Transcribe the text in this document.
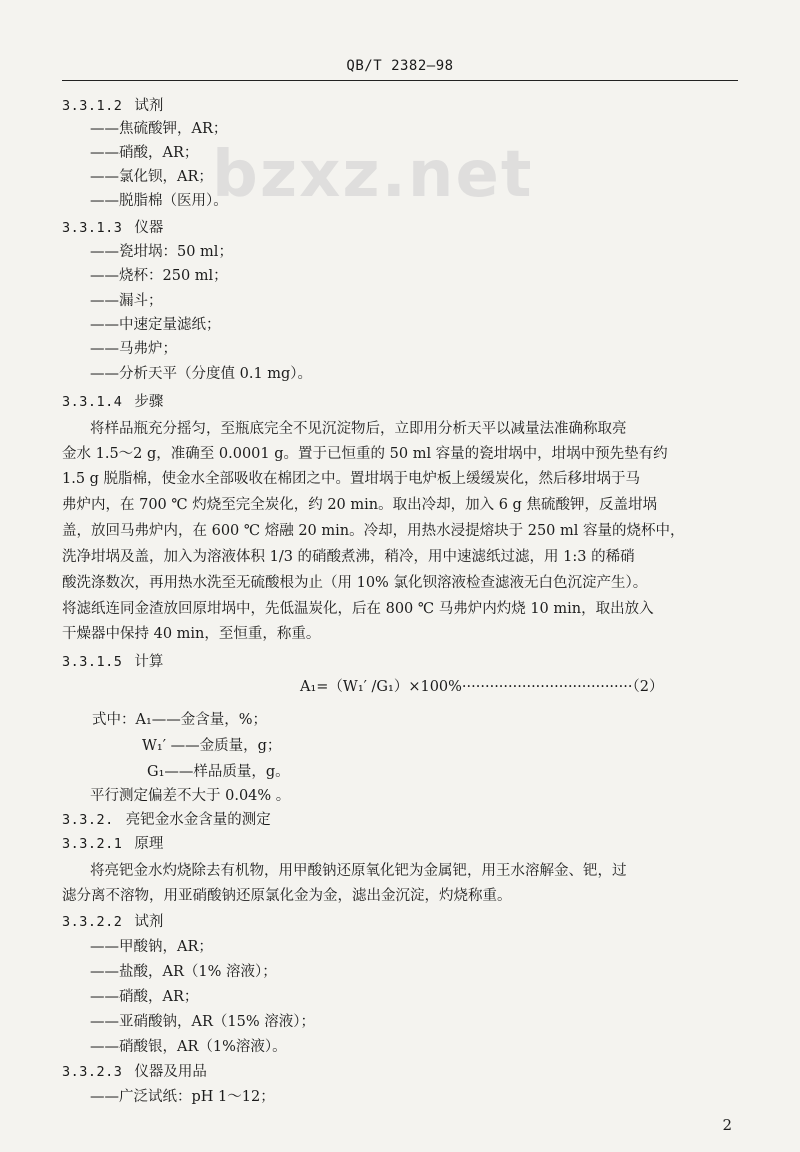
QB/T 2382—98
bzxz.net
3.3.1.2 试剂
——焦硫酸钾，AR；
——硝酸，AR；
——氯化钡，AR；
——脱脂棉（医用）。
3.3.1.3 仪器
——瓷坩埚：50 ml；
——烧杯：250 ml；
——漏斗；
——中速定量滤纸；
——马弗炉；
——分析天平（分度值 0.1 mg）。
3.3.1.4 步骤
将样品瓶充分摇匀，至瓶底完全不见沉淀物后，立即用分析天平以减量法准确称取亮
金水 1.5～2 g，准确至 0.0001 g。置于已恒重的 50 ml 容量的瓷坩埚中，坩埚中预先垫有约
1.5 g 脱脂棉，使金水全部吸收在棉团之中。置坩埚于电炉板上缓缓炭化，然后移坩埚于马
弗炉内，在 700 ℃ 灼烧至完全炭化，约 20 min。取出冷却，加入 6 g 焦硫酸钾，反盖坩埚
盖，放回马弗炉内，在 600 ℃ 熔融 20 min。冷却，用热水浸提熔块于 250 ml 容量的烧杯中，
洗净坩埚及盖，加入为溶液体积 1/3 的硝酸煮沸，稍冷，用中速滤纸过滤，用 1:3 的稀硝
酸洗涤数次，再用热水洗至无硫酸根为止（用 10% 氯化钡溶液检查滤液无白色沉淀产生）。
将滤纸连同金渣放回原坩埚中，先低温炭化，后在 800 ℃ 马弗炉内灼烧 10 min，取出放入
干燥器中保持 40 min，至恒重，称重。
3.3.1.5 计算
A₁=（W₁′ /G₁）×100%·····································（2）
式中：A₁——金含量，%；
W₁′ ——金质量，g；
G₁——样品质量，g。
平行测定偏差不大于 0.04% 。
3.3.2. 亮钯金水金含量的测定
3.3.2.1 原理
将亮钯金水灼烧除去有机物，用甲酸钠还原氧化钯为金属钯，用王水溶解金、钯，过
滤分离不溶物，用亚硝酸钠还原氯化金为金，滤出金沉淀，灼烧称重。
3.3.2.2 试剂
——甲酸钠，AR；
——盐酸，AR（1% 溶液）；
——硝酸，AR；
——亚硝酸钠，AR（15% 溶液）；
——硝酸银，AR（1%溶液）。
3.3.2.3 仪器及用品
——广泛试纸：pH 1～12；
2
